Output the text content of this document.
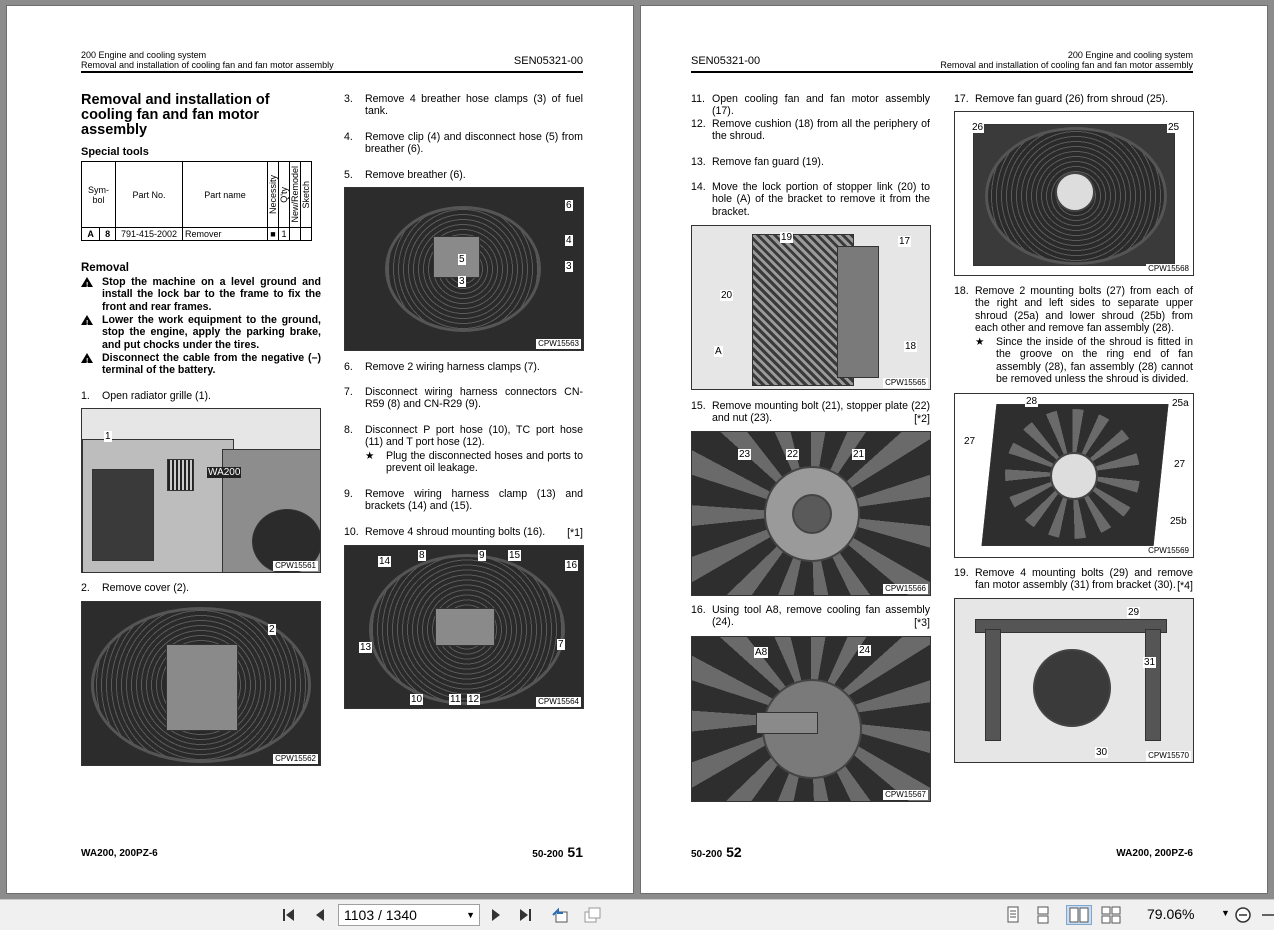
200 Engine and cooling system
Removal and installation of cooling fan and fan motor assembly	SEN05321-00
Removal and installation of cooling fan and fan motor assembly
Special tools
Sym-bol		Part No.	Part name	Necessity	Q'ty	New/Remodel	Sketch

A	8	791-415-2002	Remover	■	1		
Removal
!	Stop the machine on a level ground and install the lock bar to the frame to fix the front and rear frames.
!	Lower the work equipment to the ground, stop the engine, apply the parking brake, and put chocks under the tires.
!	Disconnect the cable from the negative (–) terminal of the battery.
1. Open radiator grille (1).
1
WA200
CPW15561
2. Remove cover (2).
2
CPW15562
3. Remove 4 breather hose clamps (3) of fuel tank.
4. Remove clip (4) and disconnect hose (5) from breather (6).
5. Remove breather (6).
6
4
5
3
3
CPW15563
6. Remove 2 wiring harness clamps (7).
7. Disconnect wiring harness connectors CN-R59 (8) and CN-R29 (9).
8. Disconnect P port hose (10), TC port hose (11) and T port hose (12).
★ Plug the disconnected hoses and ports to prevent oil leakage.
9. Remove wiring harness clamp (13) and brackets (14) and (15).
10. Remove 4 shroud mounting bolts (16).	[*1]
14
8	9 15
16
13	7
10	11 12	CPW15564
WA200, 200PZ-6	50-200 51
SEN05321-00	200 Engine and cooling system
Removal and installation of cooling fan and fan motor assembly
11. Open cooling fan and fan motor assembly (17).
12. Remove cushion (18) from all the periphery of the shroud.
13. Remove fan guard (19).
14. Move the lock portion of stopper link (20) to hole (A) of the bracket to remove it from the bracket.
19	17
20
A	18
CPW15565
15. Remove mounting bolt (21), stopper plate (22) and nut (23).	[*2]
23	22	21
CPW15566
16. Using tool A8, remove cooling fan assembly (24).	[*3]
A8	24
CPW15567
17. Remove fan guard (26) from shroud (25).
26	25
CPW15568
18. Remove 2 mounting bolts (27) from each of the right and left sides to separate upper shroud (25a) and lower shroud (25b) from each other and remove fan assembly (28).
★ Since the inside of the shroud is fitted in the groove on the ring end of fan assembly (28), fan assembly (28) cannot be removed unless the shroud is divided.
28	25a
27
27
25b
CPW15569
19. Remove 4 mounting bolts (29) and remove fan motor assembly (31) from bracket (30). [*4]
29
31
30	CPW15570
50-200 52	WA200, 200PZ-6
1103 / 1340	▼	79.06%	▼
